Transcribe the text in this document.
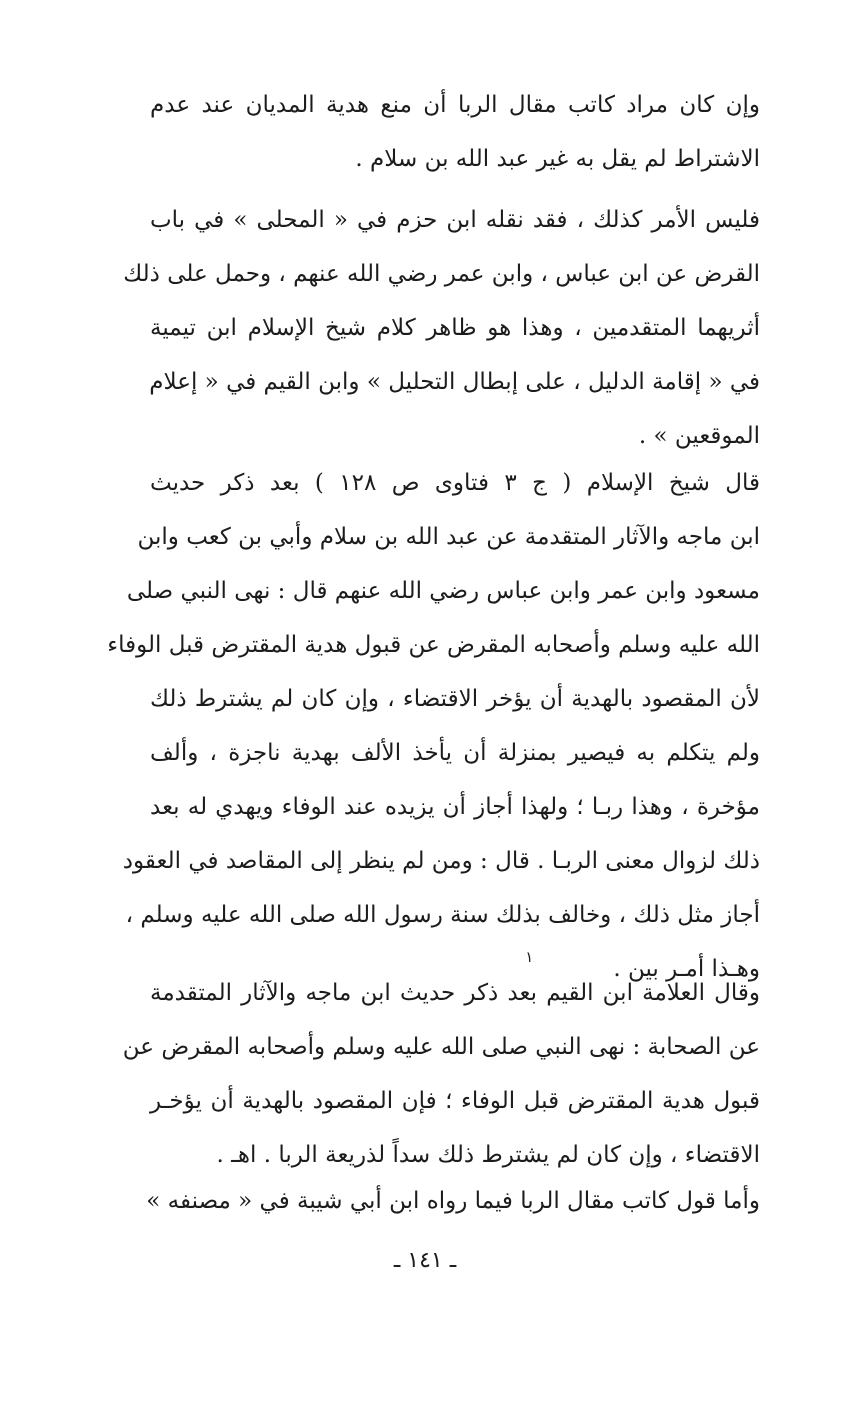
وإن كان مراد كاتب مقال الربا أن منع هدية المديان عند عدم
الاشتراط لم يقل به غير عبد الله بن سلام .
فليس الأمر كذلك ، فقد نقله ابن حزم في « المحلى » في باب
القرض عن ابن عباس ، وابن عمر رضي الله عنهم ، وحمل على ذلك
أثريهما المتقدمين ، وهذا هو ظاهر كلام شيخ الإسلام ابن تيمية
في « إقامة الدليل ، على إبطال التحليل » وابن القيم في « إعلام
الموقعين » .
قال شيخ الإسلام ( ج ٣ فتاوى ص ١٢٨ ) بعد ذكر حديث
ابن ماجه والآثار المتقدمة عن عبد الله بن سلام وأبي بن كعب وابن
مسعود وابن عمر وابن عباس رضي الله عنهم قال : نهى النبي صلى
الله عليه وسلم وأصحابه المقرض عن قبول هدية المقترض قبل الوفاء
لأن المقصود بالهدية أن يؤخر الاقتضاء ، وإن كان لم يشترط ذلك
ولم يتكلم به فيصير بمنزلة أن يأخذ الألف بهدية ناجزة ، وألف
مؤخرة ، وهذا ربـا ؛ ولهذا أجاز أن يزيده عند الوفاء ويهدي له بعد
ذلك لزوال معنى الربـا . قال : ومن لم ينظر إلى المقاصد في العقود
أجاز مثل ذلك ، وخالف بذلك سنة رسول الله صلى الله عليه وسلم ،
وهـذا أمـر بين .$^١$
وقال العلامة ابن القيم بعد ذكر حديث ابن ماجه والآثار المتقدمة
عن الصحابة : نهى النبي صلى الله عليه وسلم وأصحابه المقرض عن
قبول هدية المقترض قبل الوفاء ؛ فإن المقصود بالهدية أن يؤخـر
الاقتضاء ، وإن كان لم يشترط ذلك سداً لذريعة الربا . اهـ .
وأما قول كاتب مقال الربا فيما رواه ابن أبي شيبة في « مصنفه »
ـ ١٤١ ـ
